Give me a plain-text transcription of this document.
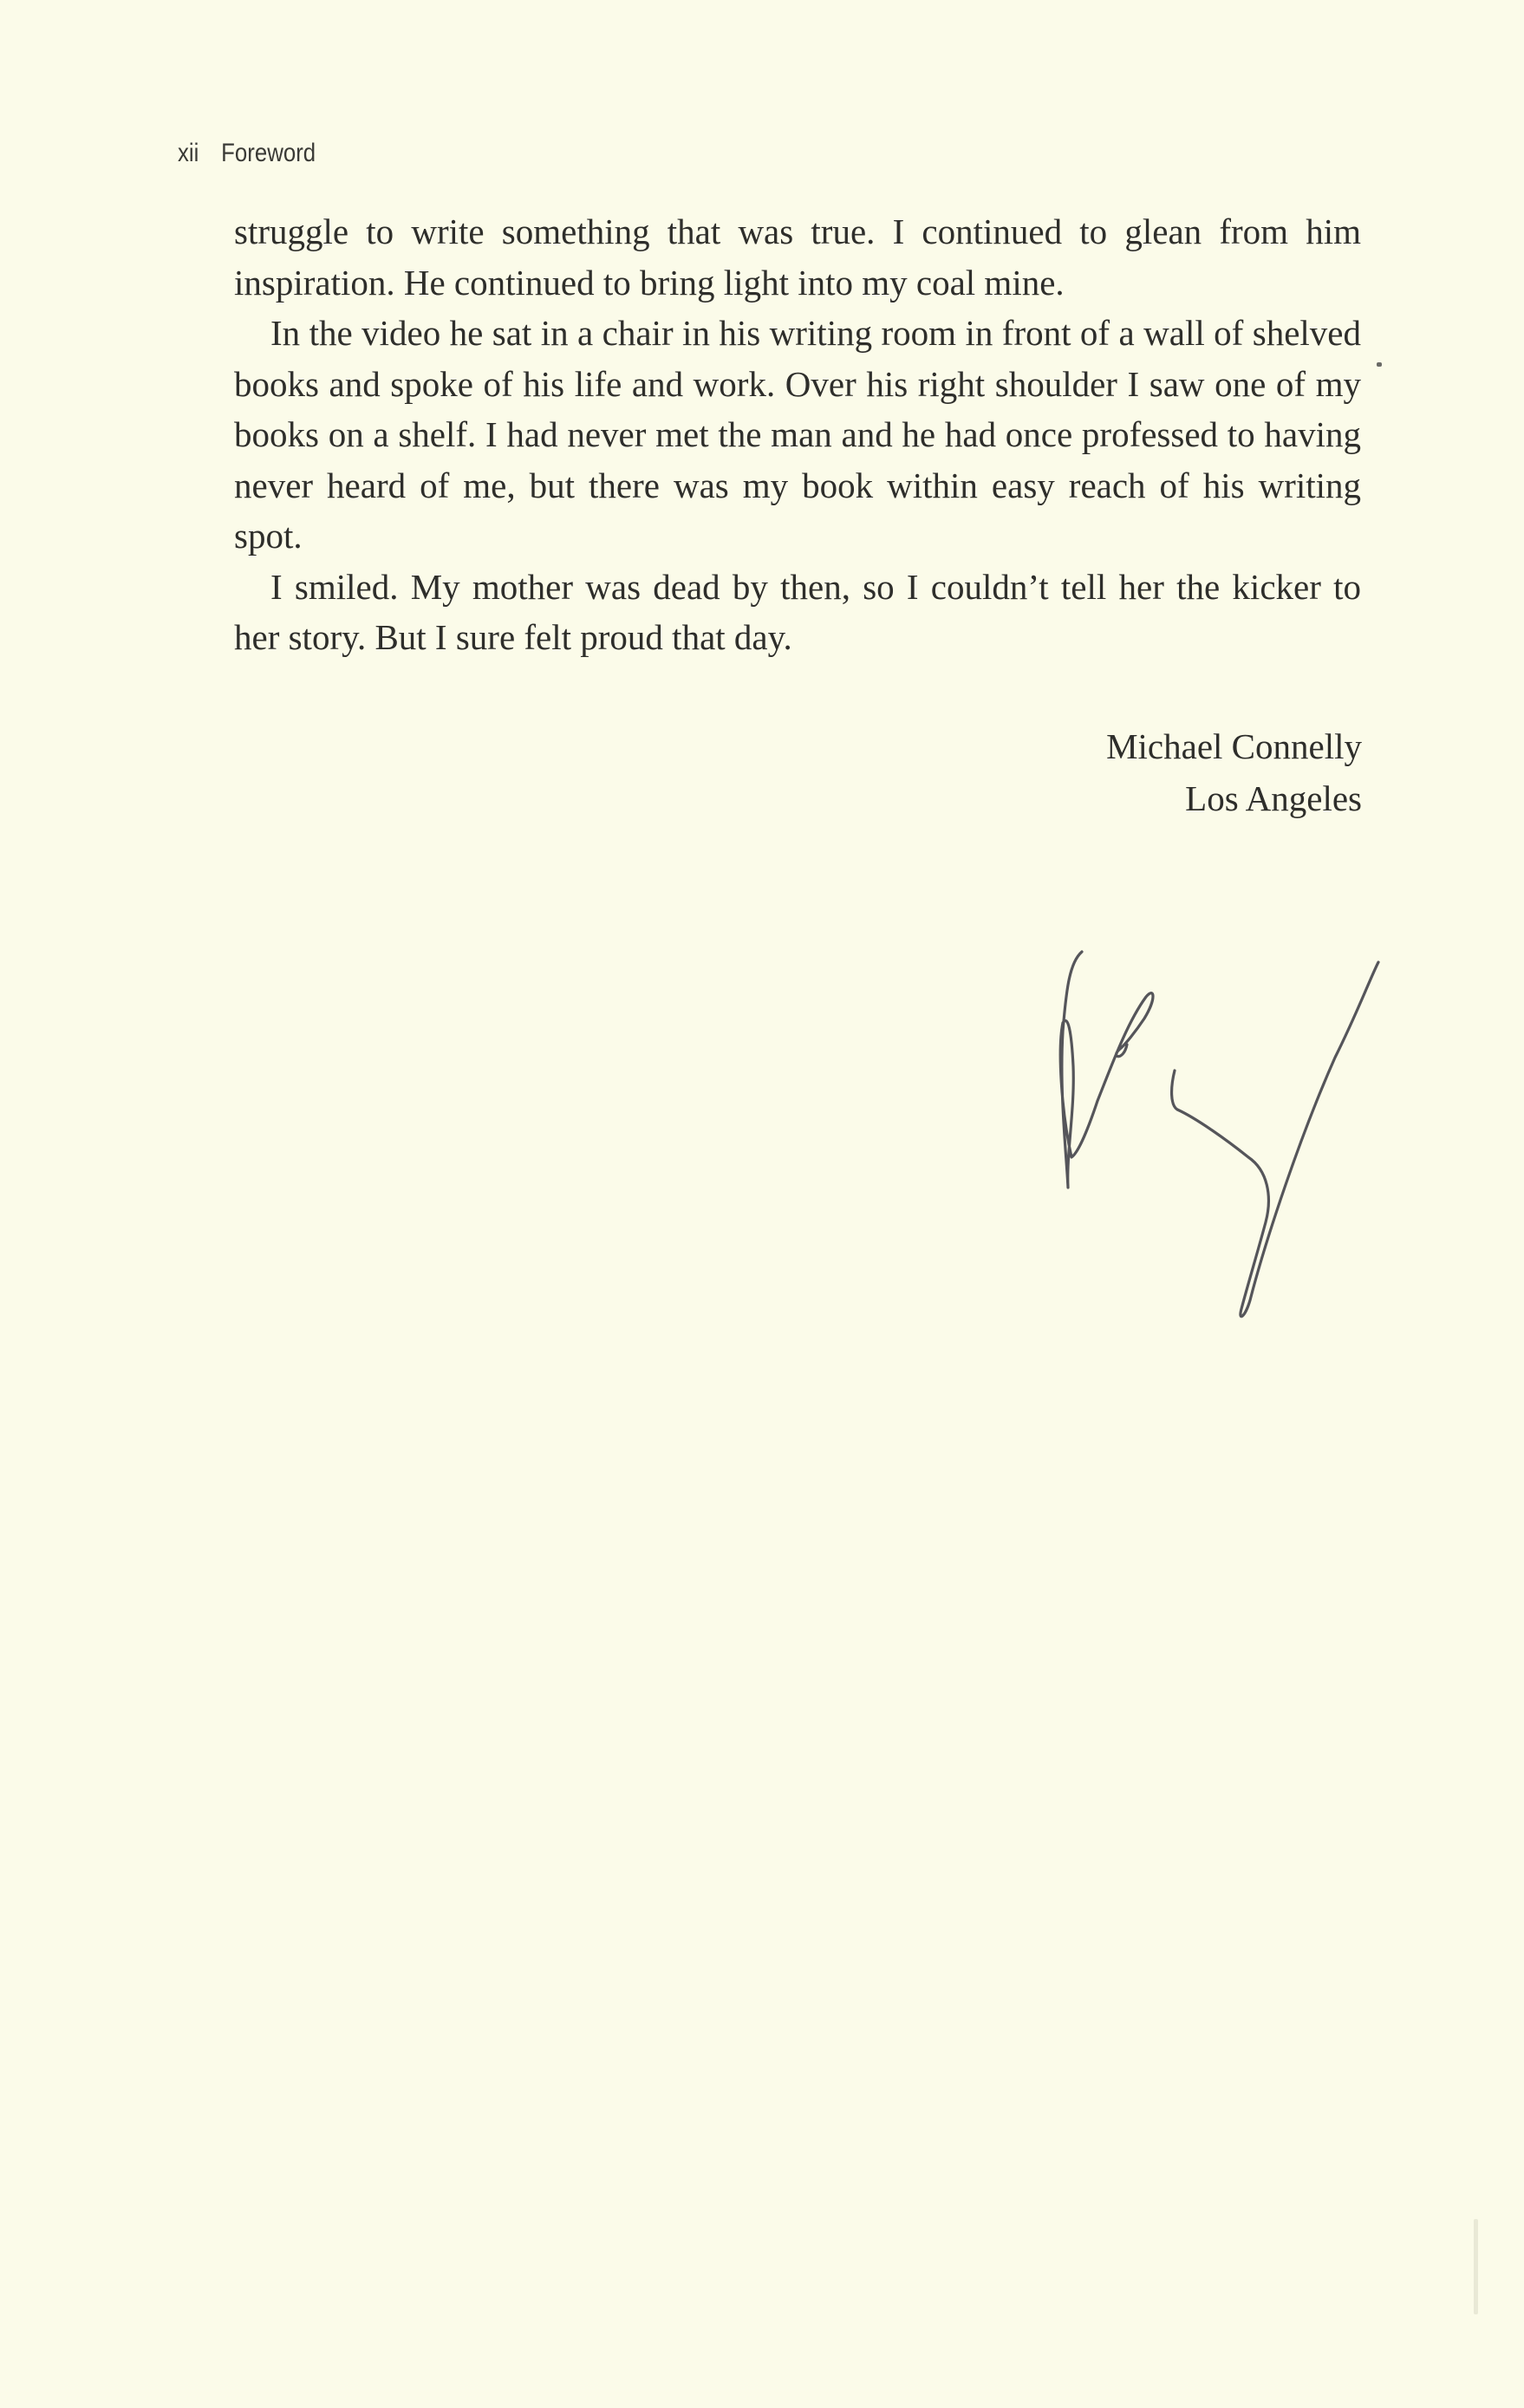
xii Foreword

struggle to write something that was true. I continued to glean from him inspiration. He continued to bring light into my coal mine.

In the video he sat in a chair in his writing room in front of a wall of shelved books and spoke of his life and work. Over his right shoulder I saw one of my books on a shelf. I had never met the man and he had once professed to having never heard of me, but there was my book within easy reach of his writing spot.

I smiled. My mother was dead by then, so I couldn’t tell her the kicker to her story. But I sure felt proud that day.

Michael Connelly
Los Angeles
